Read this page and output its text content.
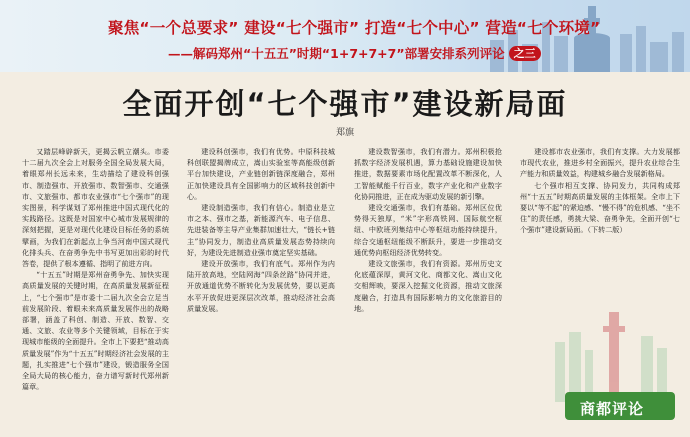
聚焦“一个总要求” 建设“七个强市” 打造“七个中心” 营造“七个环境”
——解码郑州“十五五”时期“1+7+7+7”部署安排系列评论 之三
全面开创“七个强市”建设新局面
郑旗

又踏层峰辟新天，更揭云帆立潮头。市委十二届九次全会上对服务全国全局发展大局，着眼郑州长远未来，生动描绘了建设科创强市、制造强市、开放强市、数智强市、交通强市、文旅强市、都市农业强市“七个强市”的现实图景，科学谋划了郑州推进中国式现代化的实践路径。这既是对国家中心城市发展规律的深刻把握，更是对现代化建设目标任务的系统擘画，为我们在新起点上争当河南中国式现代化排头兵、在奋勇争先中书写更加出彩的时代答卷，提供了根本遵循、指明了前进方向。

“十五五”时期是郑州奋勇争先、加快实现高质量发展的关键时期，在高质量发展新征程上，“七个强市”是市委十二届九次全会立足当前发展阶段、着眼未来高质量发展作出的战略部署，涵盖了科创、制造、开放、数智、交通、文旅、农业等多个关键领域，目标在于实现城市能级的全面提升。全市上下要把“推动高质量发展”作为“十五五”时期经济社会发展的主题，扎实推进“七个强市”建设，锻造服务全国全局大局的核心能力，奋力谱写新时代郑州新篇章。

建设科创强市，我们有优势。中原科技城科创联盟揭牌成立，嵩山实验室等高能级创新平台加快建设，产业链创新链深度融合，郑州正加快建设具有全国影响力的区域科技创新中心。

建设制造强市，我们有信心。制造业是立市之本、强市之基，新能源汽车、电子信息、先进装备等主导产业集群加速壮大，“链长+链主”协同发力，制造业高质量发展态势持续向好，为建设先进制造业强市奠定坚实基础。

建设开放强市，我们有底气。郑州作为内陆开放高地，空陆网海“四条丝路”协同并进，开放通道优势不断转化为发展优势，要以更高水平开放促进更深层次改革，推动经济社会高质量发展。

建设数智强市，我们有潜力。郑州积极抢抓数字经济发展机遇，算力基础设施建设加快推进，数据要素市场化配置改革不断深化，人工智能赋能千行百业，数字产业化和产业数字化协同推进，正在成为驱动发展的新引擎。

建设交通强市，我们有基础。郑州区位优势得天独厚，“米”字形高铁网、国际航空枢纽、中欧班列集结中心等枢纽功能持续提升，综合交通枢纽能级不断跃升，要进一步推动交通优势向枢纽经济优势转变。

建设文旅强市，我们有资源。郑州历史文化底蕴深厚，黄河文化、商都文化、嵩山文化交相辉映，要深入挖掘文化资源，推动文旅深度融合，打造具有国际影响力的文化旅游目的地。

建设都市农业强市，我们有支撑。大力发展都市现代农业，推进乡村全面振兴，提升农业综合生产能力和质量效益，构建城乡融合发展新格局。

七个强市相互支撑、协同发力，共同构成郑州“十五五”时期高质量发展的主体框架。全市上下要以“等不起”的紧迫感、“慢不得”的危机感、“坐不住”的责任感，勇挑大梁、奋勇争先，全面开创“七个强市”建设新局面。（下转二版）

商都评论
